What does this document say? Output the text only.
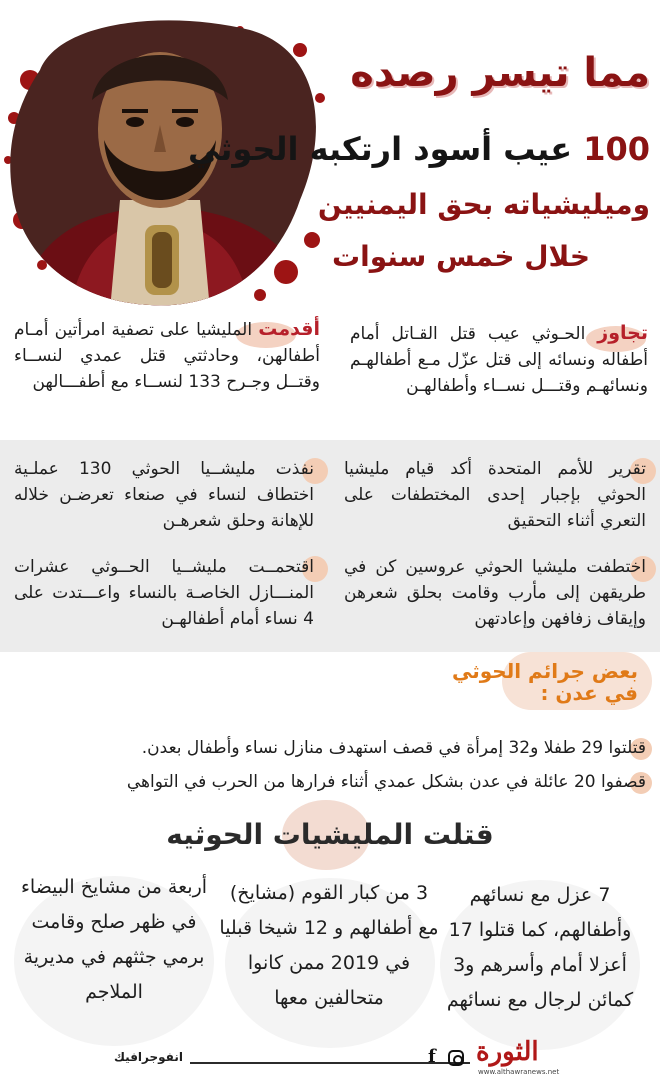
مما تيسر رصده
100 عيب أسود ارتكبه الحوثي
وميليشياته بحق اليمنيين
خلال خمس سنوات
أقدمت المليشيا على تصفية امرأتين أمـام أطفالهن، وحادثتي قتل عمدي لنســاء وقتــل وجـرح 133 لنســاء مع أطفـــالهن
تجاوز الحـوثي عيب قتل القـاتل أمام أطفاله ونسائه إلى قتل عزّل مـع أطفالهـم ونسائهـم وقتـــل نســاء وأطفالهـن
نفذت مليشــيا الحوثي 130 عملـية اختطاف لنساء في صنعاء تعرضـن خلاله للإهانة وحلق شعرهـن
تقرير للأمم المتحدة أكد قيام مليشيا الحوثي بإجبار إحدى المختطفات على التعري أثناء التحقيق
اقتحمــت مليشــيا الحــوثي عشرات المنـــازل الخاصـة بالنساء واعـــتدت على 4 نساء أمام أطفالهـن
اختطفت مليشيا الحوثي عروسين كن في طريقهن إلى مأرب وقامت بحلق شعرهن وإيقاف زفافهن وإعادتهن
بعض جرائم الحوثي
في عدن :
قتلتوا 29 طفلا و32 إمرأة في قصف استهدف منازل نساء وأطفال بعدن.
قصفوا 20 عائلة في عدن بشكل عمدي أثناء فرارها من الحرب في التواهي
قتلت المليشيات الحوثيه
7 عزل مع نسائهم وأطفالهم، كما قتلوا 17 أعزلا أمام وأسرهم و3 كمائن لرجال مع نسائهم
3 من كبار القوم (مشايخ) مع أطفالهم و 12 شيخا قبليا في 2019 ممن كانوا متحالفين معها
أربعة من مشايخ البيضاء في ظهر صلح وقامت برمي جثثهم في مديرية الملاجم
انفوجرافيك	f الثورة
www.althawranews.net
